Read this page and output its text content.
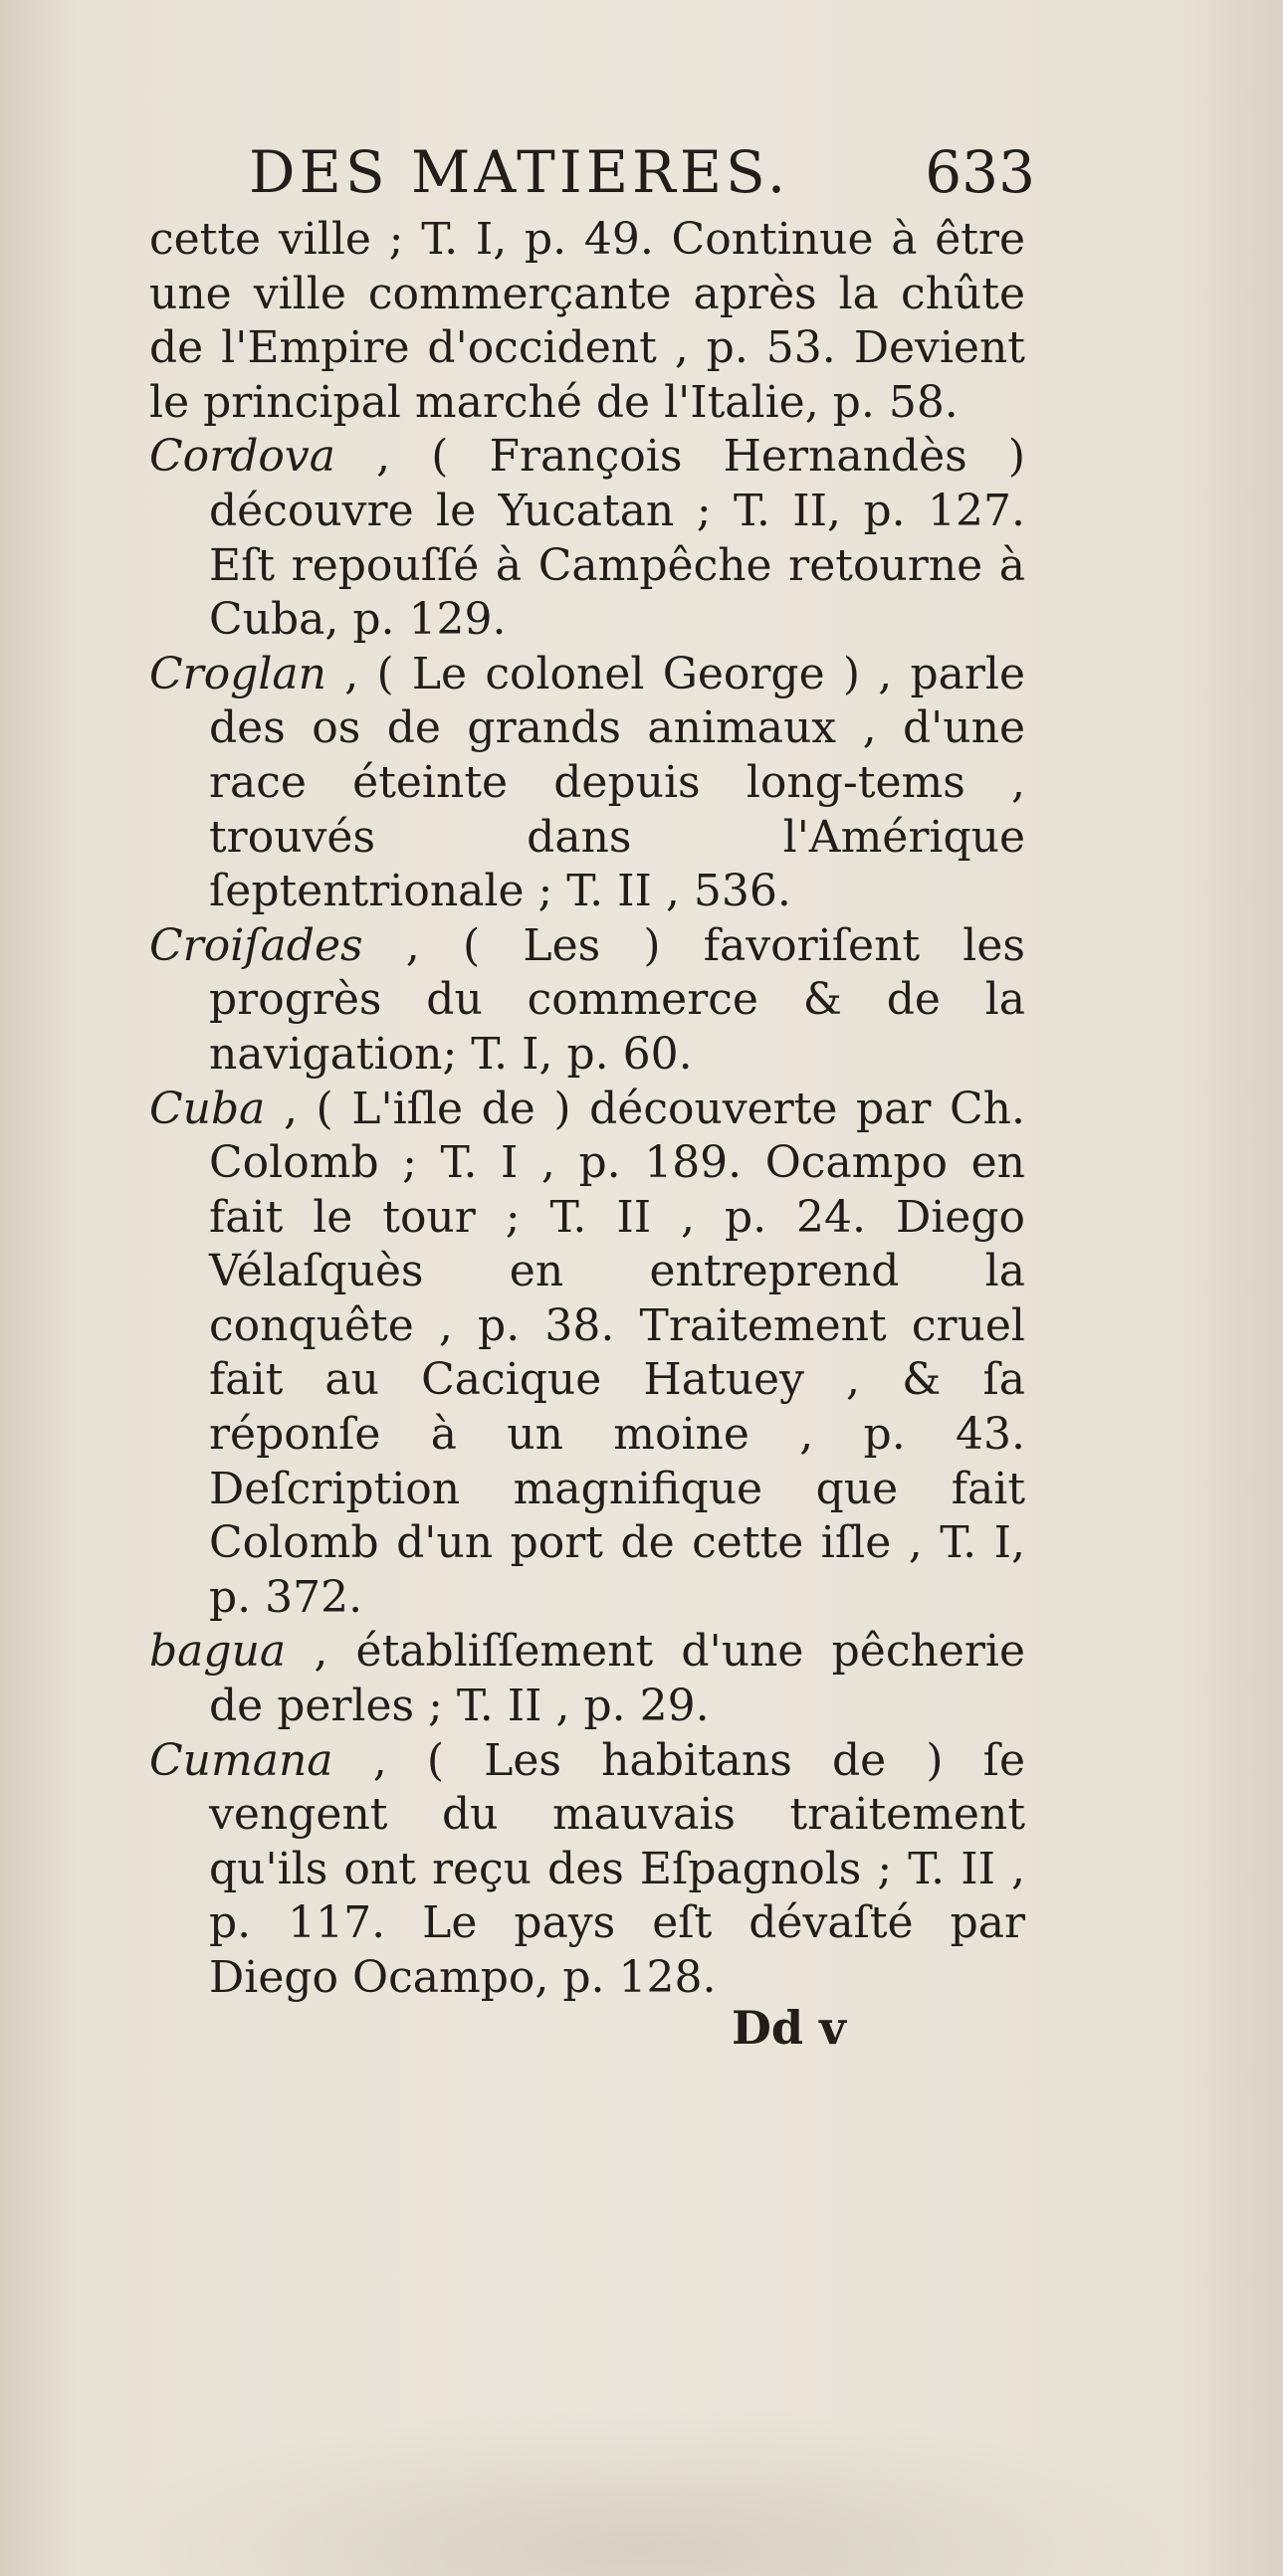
DES MATIERES. 633

cette ville ; T. I, p. 49. Continue à être une ville commerçante après la chûte de l'Empire d'occident , p. 53. Devient le principal marché de l'Italie, p. 58.

Cordova , ( François Hernandès ) découvre le Yucatan ; T. II, p. 127. Eſt repouſſé à Campêche retourne à Cuba, p. 129.

Croglan , ( Le colonel George ) , parle des os de grands animaux , d'une race éteinte depuis long-tems , trouvés dans l'Amérique ſeptentrionale ; T. II , 536.

Croiſades , ( Les ) favoriſent les progrès du commerce & de la navigation; T. I, p. 60.

Cuba , ( L'iſle de ) découverte par Ch. Colomb ; T. I , p. 189. Ocampo en fait le tour ; T. II , p. 24. Diego Vélaſquès en entreprend la conquête , p. 38. Traitement cruel fait au Cacique Hatuey , & ſa réponſe à un moine , p. 43. Deſcription magnifique que fait Colomb d'un port de cette iſle , T. I, p. 372.

bagua , établiſſement d'une pêcherie de perles ; T. II , p. 29.

Cumana , ( Les habitans de ) ſe vengent du mauvais traitement qu'ils ont reçu des Eſpagnols ; T. II , p. 117. Le pays eſt dévaſté par Diego Ocampo, p. 128.

Dd v
